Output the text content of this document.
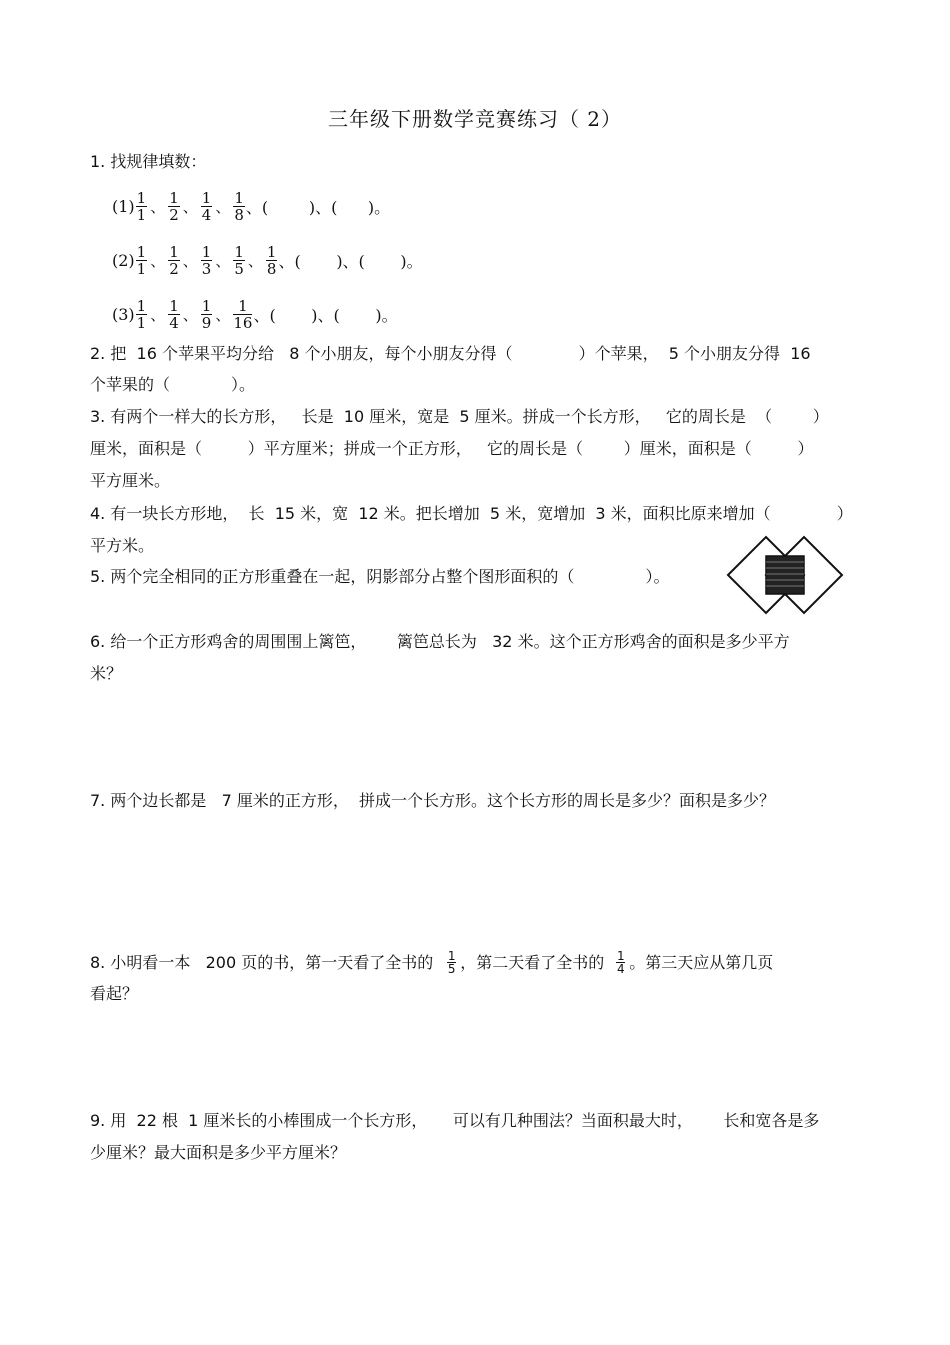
三年级下册数学竞赛练习（ 2）
1. 找规律填数：
$(1) \frac{1}{1}$ 、 $\frac{1}{2}$ 、 $\frac{1}{4}$ 、 $\frac{1}{8}$ 、(        )、(      )。
$(2) \frac{1}{1}$ 、 $\frac{1}{2}$ 、 $\frac{1}{3}$ 、 $\frac{1}{5}$ 、 $\frac{1}{8}$ 、(       )、(       )。
$(3) \frac{1}{1}$ 、 $\frac{1}{4}$ 、 $\frac{1}{9}$ 、 $\frac{1}{16}$ 、(       )、(       )。
2. 把  16 个苹果平均分给   8 个小朋友，每个小朋友分得（             ）个苹果，  5 个小朋友分得  16
个苹果的（            ）。
3. 有两个一样大的长方形，   长是  10 厘米，宽是  5 厘米。拼成一个长方形，   它的周长是  （        ）
厘米，面积是（         ）平方厘米；拼成一个正方形，   它的周长是（        ）厘米，面积是（         ）
平方厘米。
4. 有一块长方形地，  长  15 米，宽  12 米。把长增加  5 米，宽增加  3 米，面积比原来增加（             ）
平方米。
5. 两个完全相同的正方形重叠在一起，阴影部分占整个图形面积的（              ）。
6. 给一个正方形鸡舍的周围围上篱笆，      篱笆总长为   32 米。这个正方形鸡舍的面积是多少平方
米？
7. 两个边长都是   7 厘米的正方形，  拼成一个长方形。这个长方形的周长是多少？面积是多少？
8. 小明看一本   200 页的书，第一天看了全书的 $\frac{1}{5}$ ，第二天看了全书的 $\frac{1}{4}$ 。第三天应从第几页
看起？
9. 用  22 根  1 厘米长的小棒围成一个长方形，     可以有几种围法？当面积最大时，      长和宽各是多
少厘米？最大面积是多少平方厘米？
